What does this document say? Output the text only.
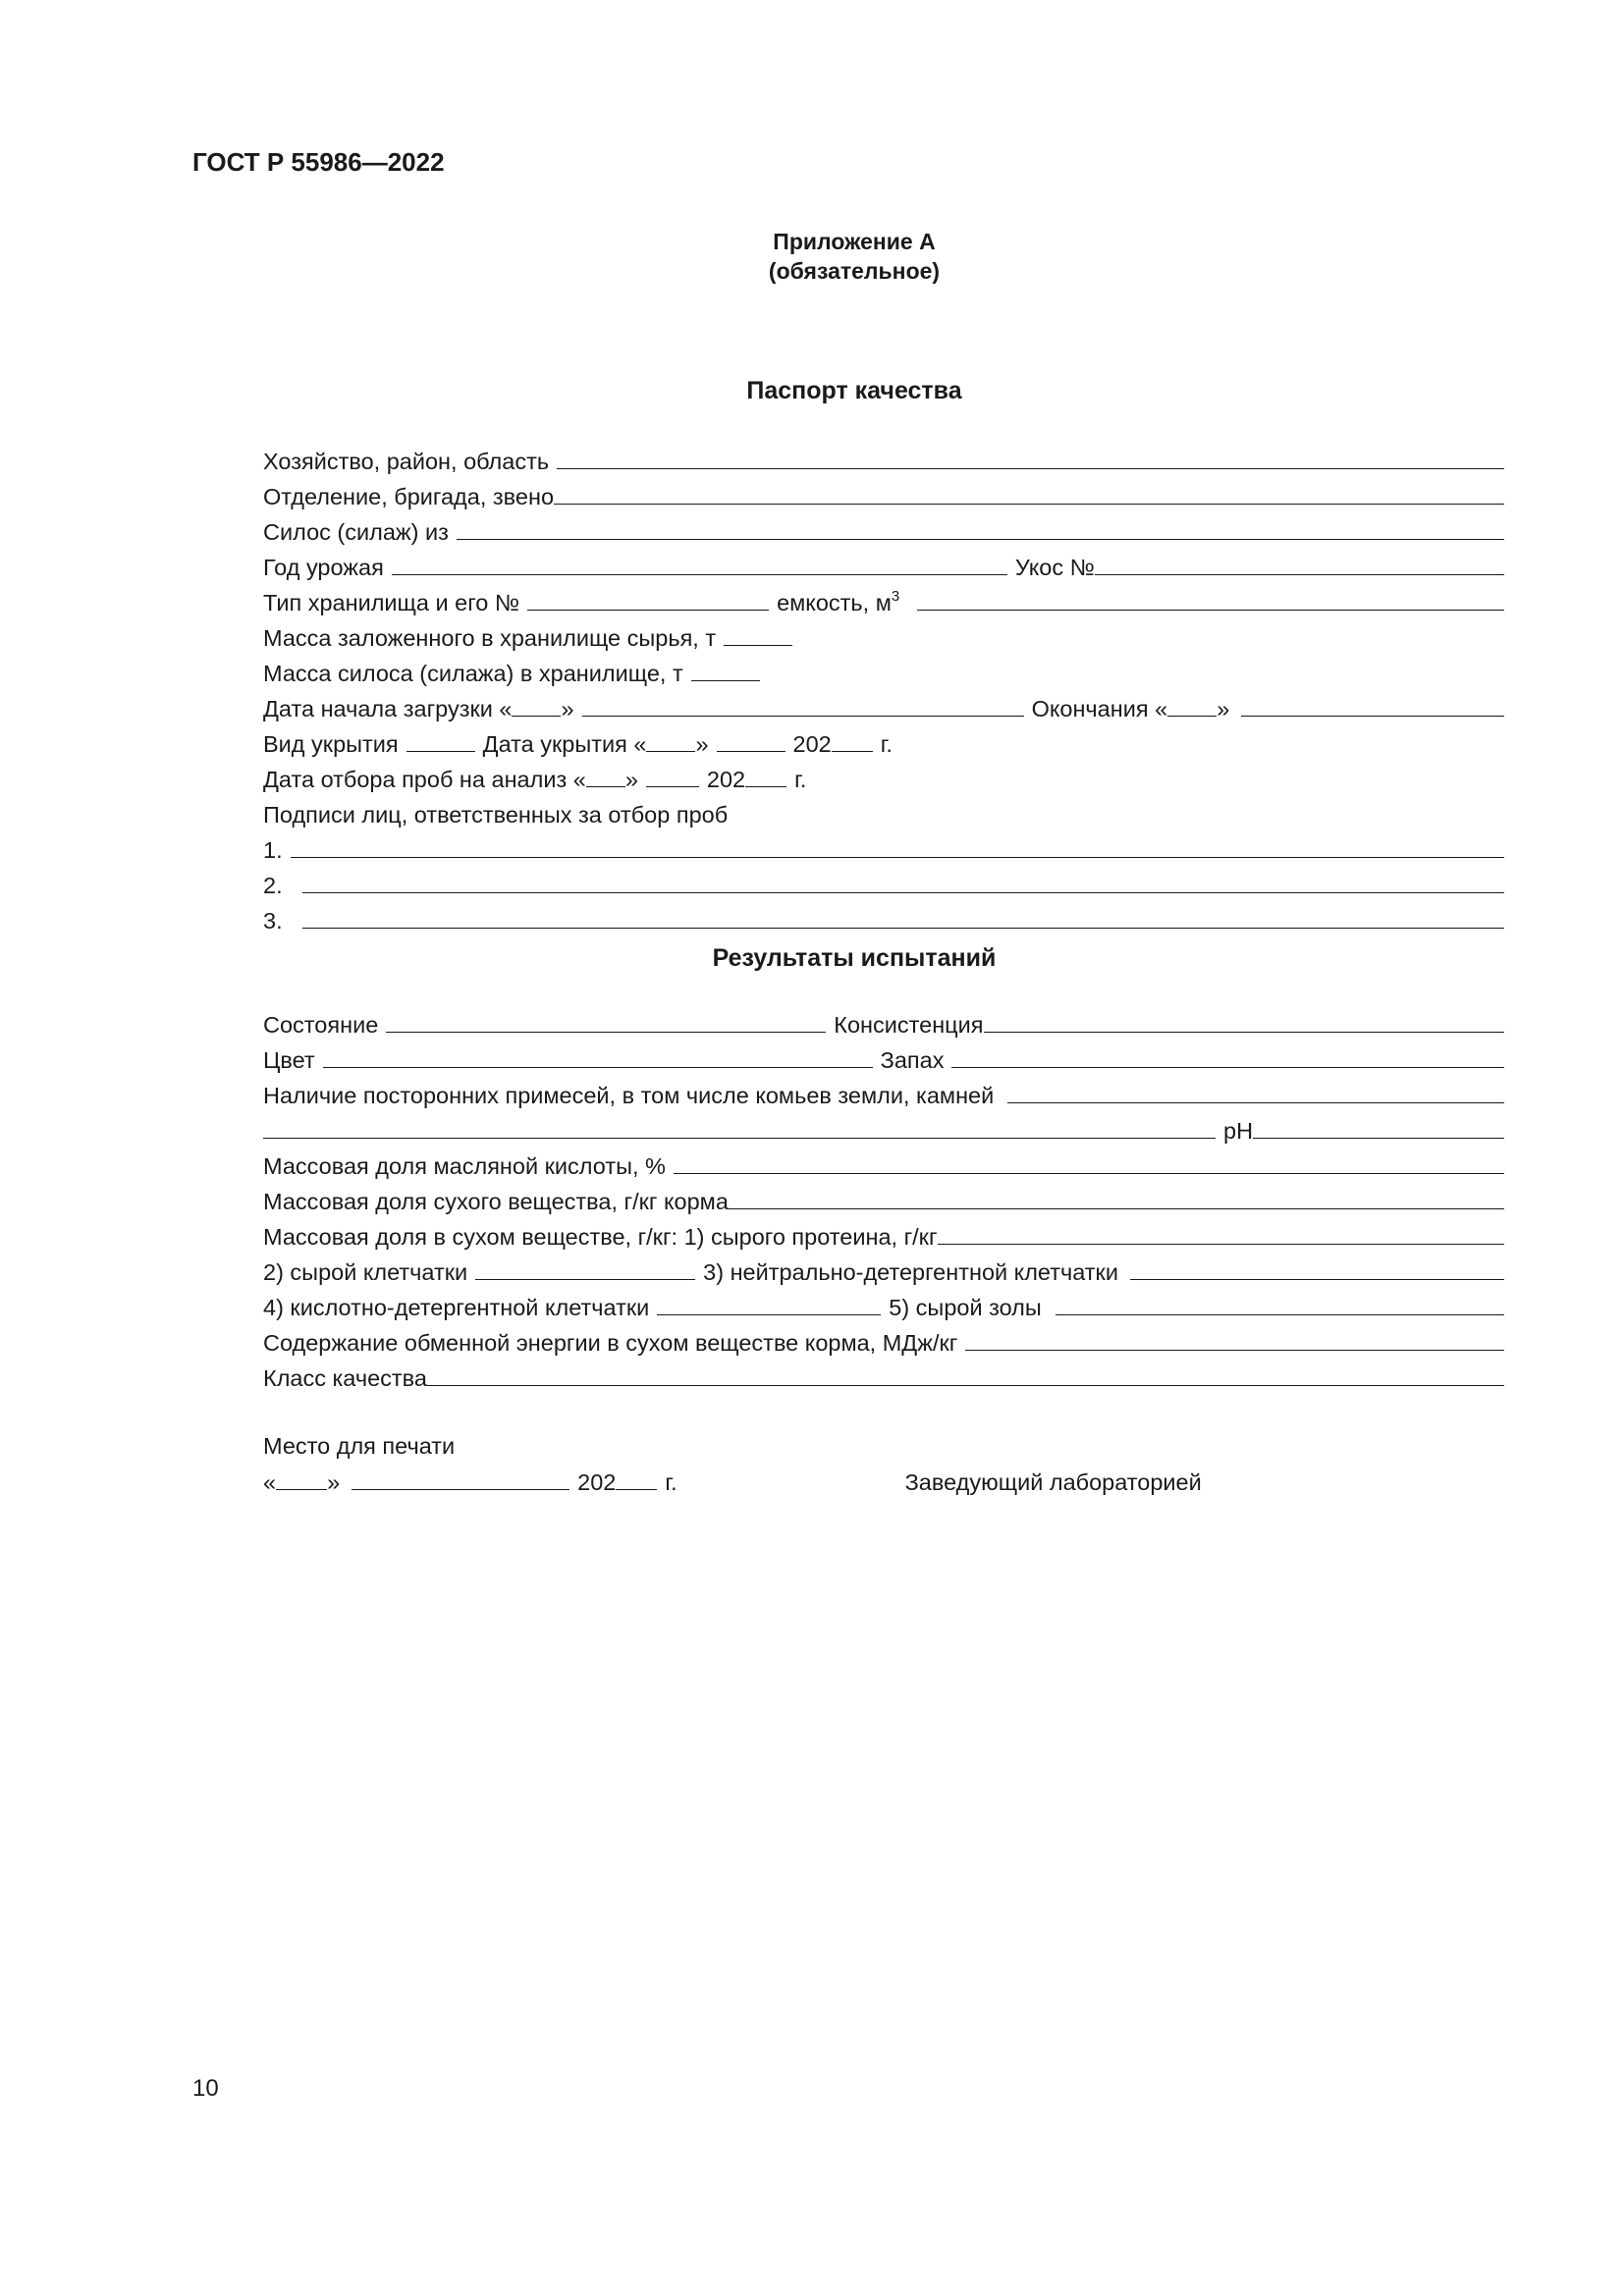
ГОСТ Р 55986—2022
Приложение А
(обязательное)
Паспорт качества
Хозяйство, район, область
Отделение, бригада, звено
Силос (силаж) из
Год урожая	Укос №
Тип хранилища и его №	емкость, $м^3$
Масса заложенного в хранилище сырья, т
Масса силоса (силажа) в хранилище, т
Дата начала загрузки « »	Окончания « »
Вид укрытия	Дата укрытия « »	202 г.
Дата отбора проб на анализ « »	202 г.
Подписи лиц, ответственных за отбор проб
1.
2.
3.
Результаты испытаний
Состояние	Консистенция
Цвет	Запах
Наличие посторонних примесей, в том числе комьев земли, камней
pH
Массовая доля масляной кислоты, %
Массовая доля сухого вещества, г/кг корма
Массовая доля в сухом веществе, г/кг: 1) сырого протеина, г/кг
2) сырой клетчатки	3) нейтрально-детергентной клетчатки
4) кислотно-детергентной клетчатки	5) сырой золы
Содержание обменной энергии в сухом веществе корма, МДж/кг
Класс качества
Место для печати
« »	202 г.	Заведующий лабораторией
10
